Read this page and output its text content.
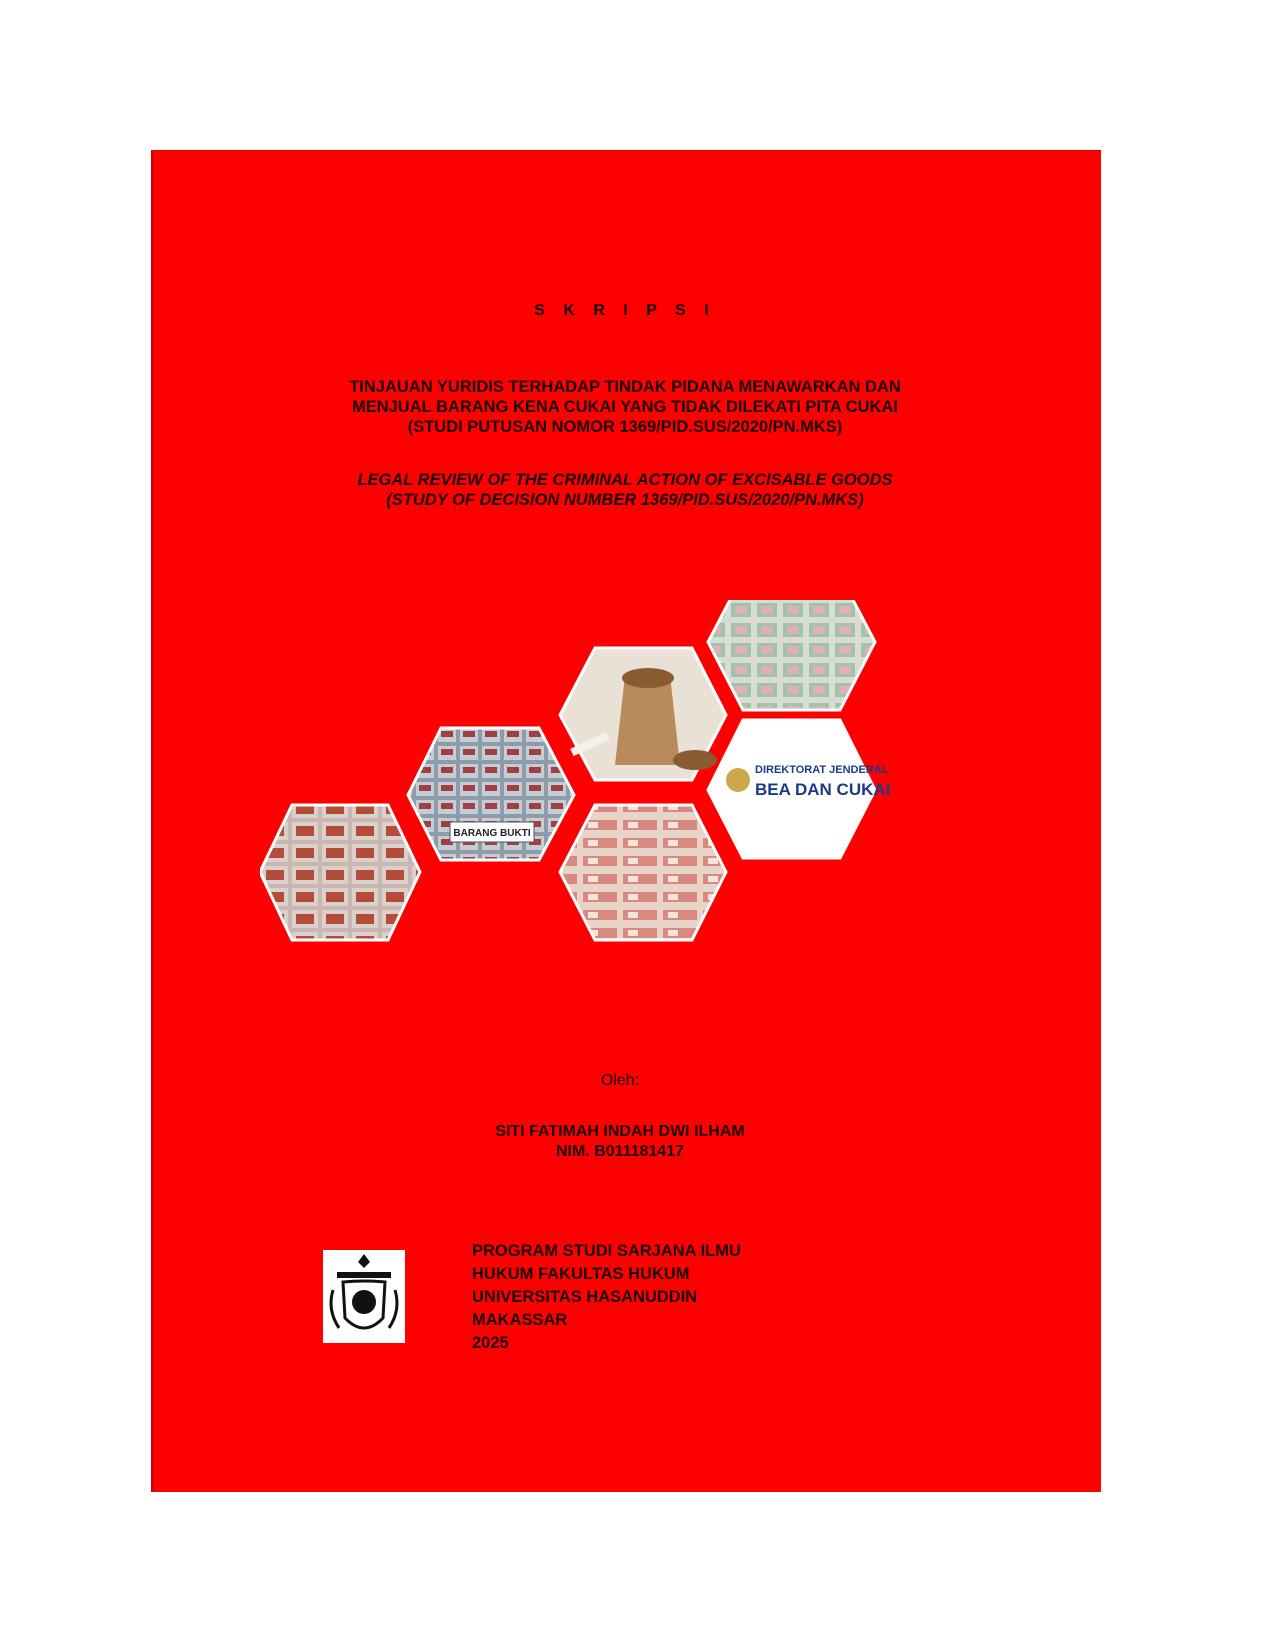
S K R I P S I
TINJAUAN YURIDIS TERHADAP TINDAK PIDANA MENAWARKAN DAN
MENJUAL BARANG KENA CUKAI YANG TIDAK DILEKATI PITA CUKAI
(STUDI PUTUSAN NOMOR 1369/PID.SUS/2020/PN.MKS)
LEGAL REVIEW OF THE CRIMINAL ACTION OF EXCISABLE GOODS
(STUDY OF DECISION NUMBER 1369/PID.SUS/2020/PN.MKS)
BARANG BUKTI
DIREKTORAT JENDERAL
BEA DAN CUKAI
Oleh:
SITI FATIMAH INDAH DWI ILHAM
NIM. B011181417
PROGRAM STUDI SARJANA ILMU
HUKUM FAKULTAS HUKUM
UNIVERSITAS HASANUDDIN
MAKASSAR
2025
